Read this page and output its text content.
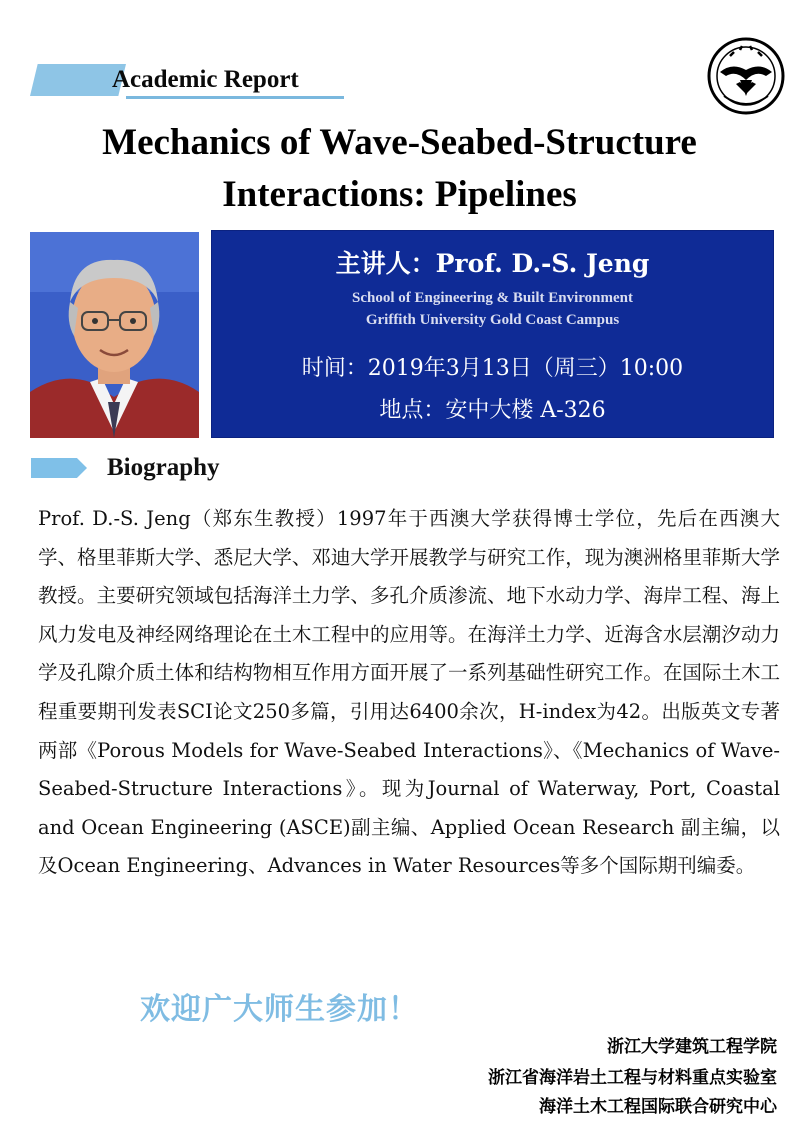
Academic Report
Mechanics of Wave-Seabed-Structure
Interactions: Pipelines
主讲人：Prof. D.-S. Jeng
School of Engineering & Built Environment
Griffith University Gold Coast Campus
时间：2019年3月13日（周三）10:00
地点：安中大楼 A-326
Biography

Prof. D.-S. Jeng（郑东生教授）1997年于西澳大学获得博士学位，先后在西澳大学、格里菲斯大学、悉尼大学、邓迪大学开展教学与研究工作，现为澳洲格里菲斯大学教授。主要研究领域包括海洋土力学、多孔介质渗流、地下水动力学、海岸工程、海上风力发电及神经网络理论在土木工程中的应用等。在海洋土力学、近海含水层潮汐动力学及孔隙介质土体和结构物相互作用方面开展了一系列基础性研究工作。在国际土木工程重要期刊发表SCI论文250多篇，引用达6400余次，H-index为42。出版英文专著两部《Porous Models for Wave-Seabed Interactions》、《Mechanics of Wave-Seabed-Structure Interactions》。现为Journal of Waterway, Port, Coastal and Ocean Engineering (ASCE)副主编、Applied Ocean Research 副主编，以及Ocean Engineering、Advances in Water Resources等多个国际期刊编委。

欢迎广大师生参加！
浙江大学建筑工程学院
浙江省海洋岩土工程与材料重点实验室
海洋土木工程国际联合研究中心
